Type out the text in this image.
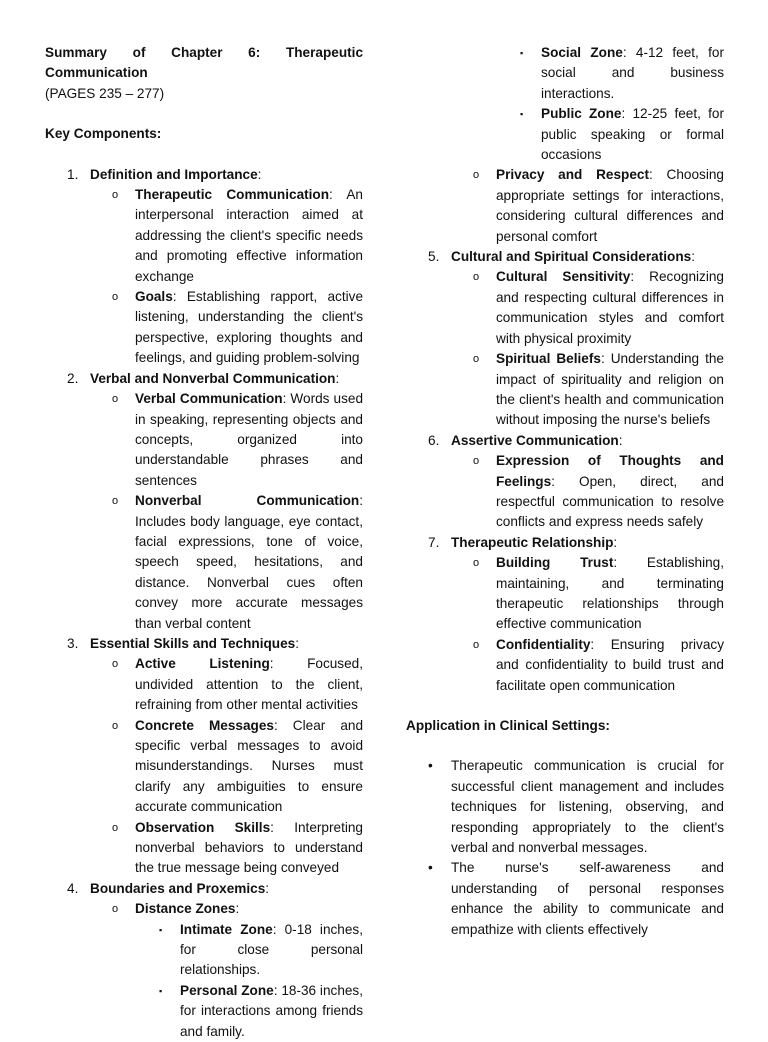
Summary of Chapter 6: Therapeutic Communication

(PAGES 235 – 277)

Key Components:

1. Definition and Importance:
o Therapeutic Communication: An interpersonal interaction aimed at addressing the client's specific needs and promoting effective information exchange
o Goals: Establishing rapport, active listening, understanding the client's perspective, exploring thoughts and feelings, and guiding problem-solving
2. Verbal and Nonverbal Communication:
o Verbal Communication: Words used in speaking, representing objects and concepts, organized into understandable phrases and sentences
o Nonverbal Communication: Includes body language, eye contact, facial expressions, tone of voice, speech speed, hesitations, and distance. Nonverbal cues often convey more accurate messages than verbal content
3. Essential Skills and Techniques:
o Active Listening: Focused, undivided attention to the client, refraining from other mental activities
o Concrete Messages: Clear and specific verbal messages to avoid misunderstandings. Nurses must clarify any ambiguities to ensure accurate communication
o Observation Skills: Interpreting nonverbal behaviors to understand the true message being conveyed
4. Boundaries and Proxemics:
o Distance Zones:
▪ Intimate Zone: 0-18 inches, for close personal relationships.
▪ Personal Zone: 18-36 inches, for interactions among friends and family.
▪ Social Zone: 4-12 feet, for social and business interactions.
▪ Public Zone: 12-25 feet, for public speaking or formal occasions
o Privacy and Respect: Choosing appropriate settings for interactions, considering cultural differences and personal comfort
5. Cultural and Spiritual Considerations:
o Cultural Sensitivity: Recognizing and respecting cultural differences in communication styles and comfort with physical proximity
o Spiritual Beliefs: Understanding the impact of spirituality and religion on the client's health and communication without imposing the nurse's beliefs
6. Assertive Communication:
o Expression of Thoughts and Feelings: Open, direct, and respectful communication to resolve conflicts and express needs safely
7. Therapeutic Relationship:
o Building Trust: Establishing, maintaining, and terminating therapeutic relationships through effective communication
o Confidentiality: Ensuring privacy and confidentiality to build trust and facilitate open communication

Application in Clinical Settings:

• Therapeutic communication is crucial for successful client management and includes techniques for listening, observing, and responding appropriately to the client's verbal and nonverbal messages.
• The nurse's self-awareness and understanding of personal responses enhance the ability to communicate and empathize with clients effectively
